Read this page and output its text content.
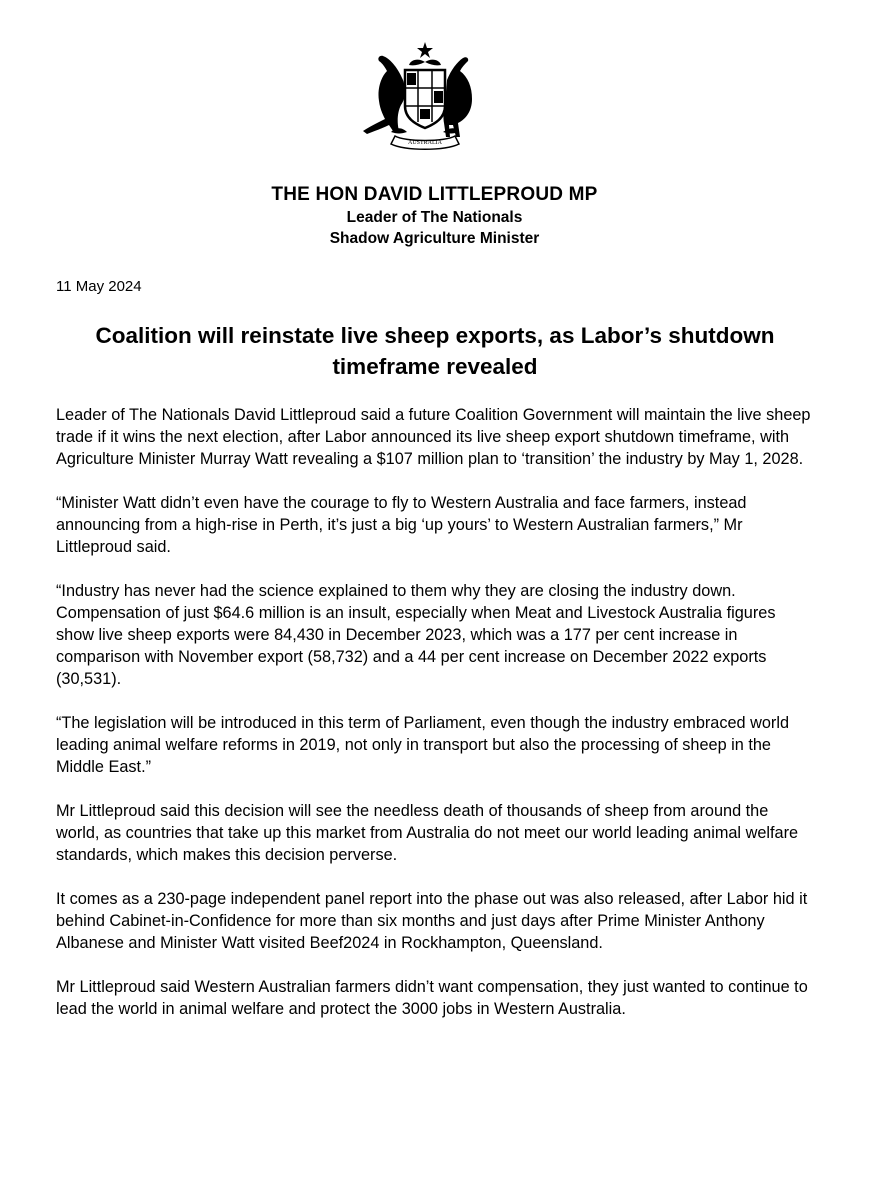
AUSTRALIA
THE HON DAVID LITTLEPROUD MP
Leader of The Nationals
Shadow Agriculture Minister
11 May 2024
Coalition will reinstate live sheep exports, as Labor’s shutdown timeframe revealed

Leader of The Nationals David Littleproud said a future Coalition Government will maintain the live sheep trade if it wins the next election, after Labor announced its live sheep export shutdown timeframe, with Agriculture Minister Murray Watt revealing a $107 million plan to ‘transition’ the industry by May 1, 2028.

“Minister Watt didn’t even have the courage to fly to Western Australia and face farmers, instead announcing from a high-rise in Perth, it’s just a big ‘up yours’ to Western Australian farmers,” Mr Littleproud said.

“Industry has never had the science explained to them why they are closing the industry down. Compensation of just $64.6 million is an insult, especially when Meat and Livestock Australia figures show live sheep exports were 84,430 in December 2023, which was a 177 per cent increase in comparison with November export (58,732) and a 44 per cent increase on December 2022 exports (30,531).

“The legislation will be introduced in this term of Parliament, even though the industry embraced world leading animal welfare reforms in 2019, not only in transport but also the processing of sheep in the Middle East.”

Mr Littleproud said this decision will see the needless death of thousands of sheep from around the world, as countries that take up this market from Australia do not meet our world leading animal welfare standards, which makes this decision perverse.

It comes as a 230-page independent panel report into the phase out was also released, after Labor hid it behind Cabinet-in-Confidence for more than six months and just days after Prime Minister Anthony Albanese and Minister Watt visited Beef2024 in Rockhampton, Queensland.

Mr Littleproud said Western Australian farmers didn’t want compensation, they just wanted to continue to lead the world in animal welfare and protect the 3000 jobs in Western Australia.
